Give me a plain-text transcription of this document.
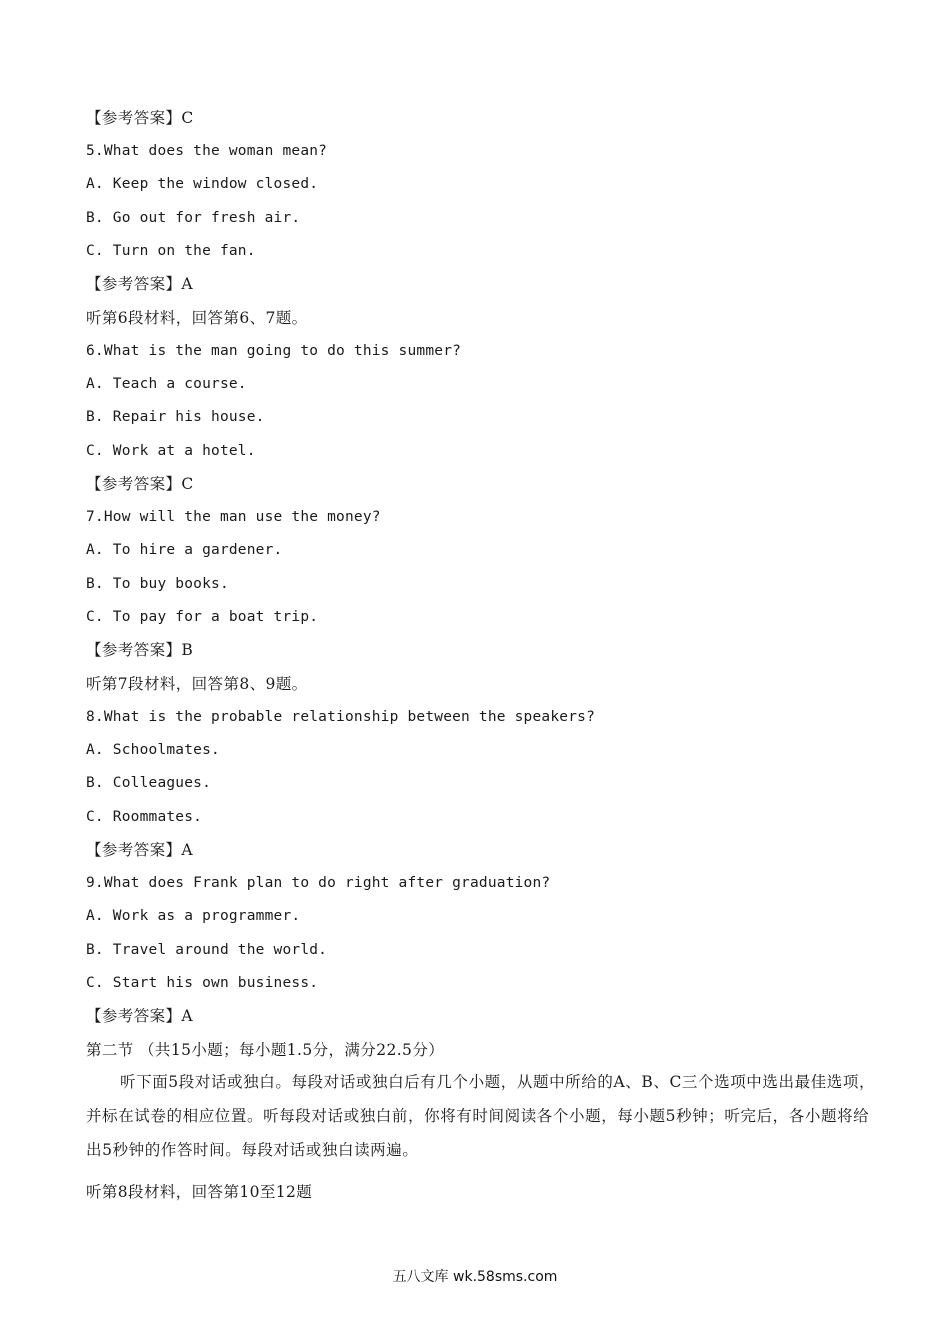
【参考答案】C
5.What does the woman mean?
A. Keep the window closed.
B. Go out for fresh air.
C. Turn on the fan.
【参考答案】A
听第6段材料，回答第6、7题。
6.What is the man going to do this summer?
A. Teach a course.
B. Repair his house.
C. Work at a hotel.
【参考答案】C
7.How will the man use the money?
A. To hire a gardener.
B. To buy books.
C. To pay for a boat trip.
【参考答案】B
听第7段材料，回答第8、9题。
8.What is the probable relationship between the speakers?
A. Schoolmates.
B. Colleagues.
C. Roommates.
【参考答案】A
9.What does Frank plan to do right after graduation?
A. Work as a programmer.
B. Travel around the world.
C. Start his own business.
【参考答案】A
第二节 （共15小题；每小题1.5分，满分22.5分）
听下面5段对话或独白。每段对话或独白后有几个小题，从题中所给的A、B、C三个选项中选出最佳选项，并标在试卷的相应位置。听每段对话或独白前，你将有时间阅读各个小题，每小题5秒钟；听完后，各小题将给出5秒钟的作答时间。每段对话或独白读两遍。
听第8段材料，回答第10至12题
五八文库 wk.58sms.com
